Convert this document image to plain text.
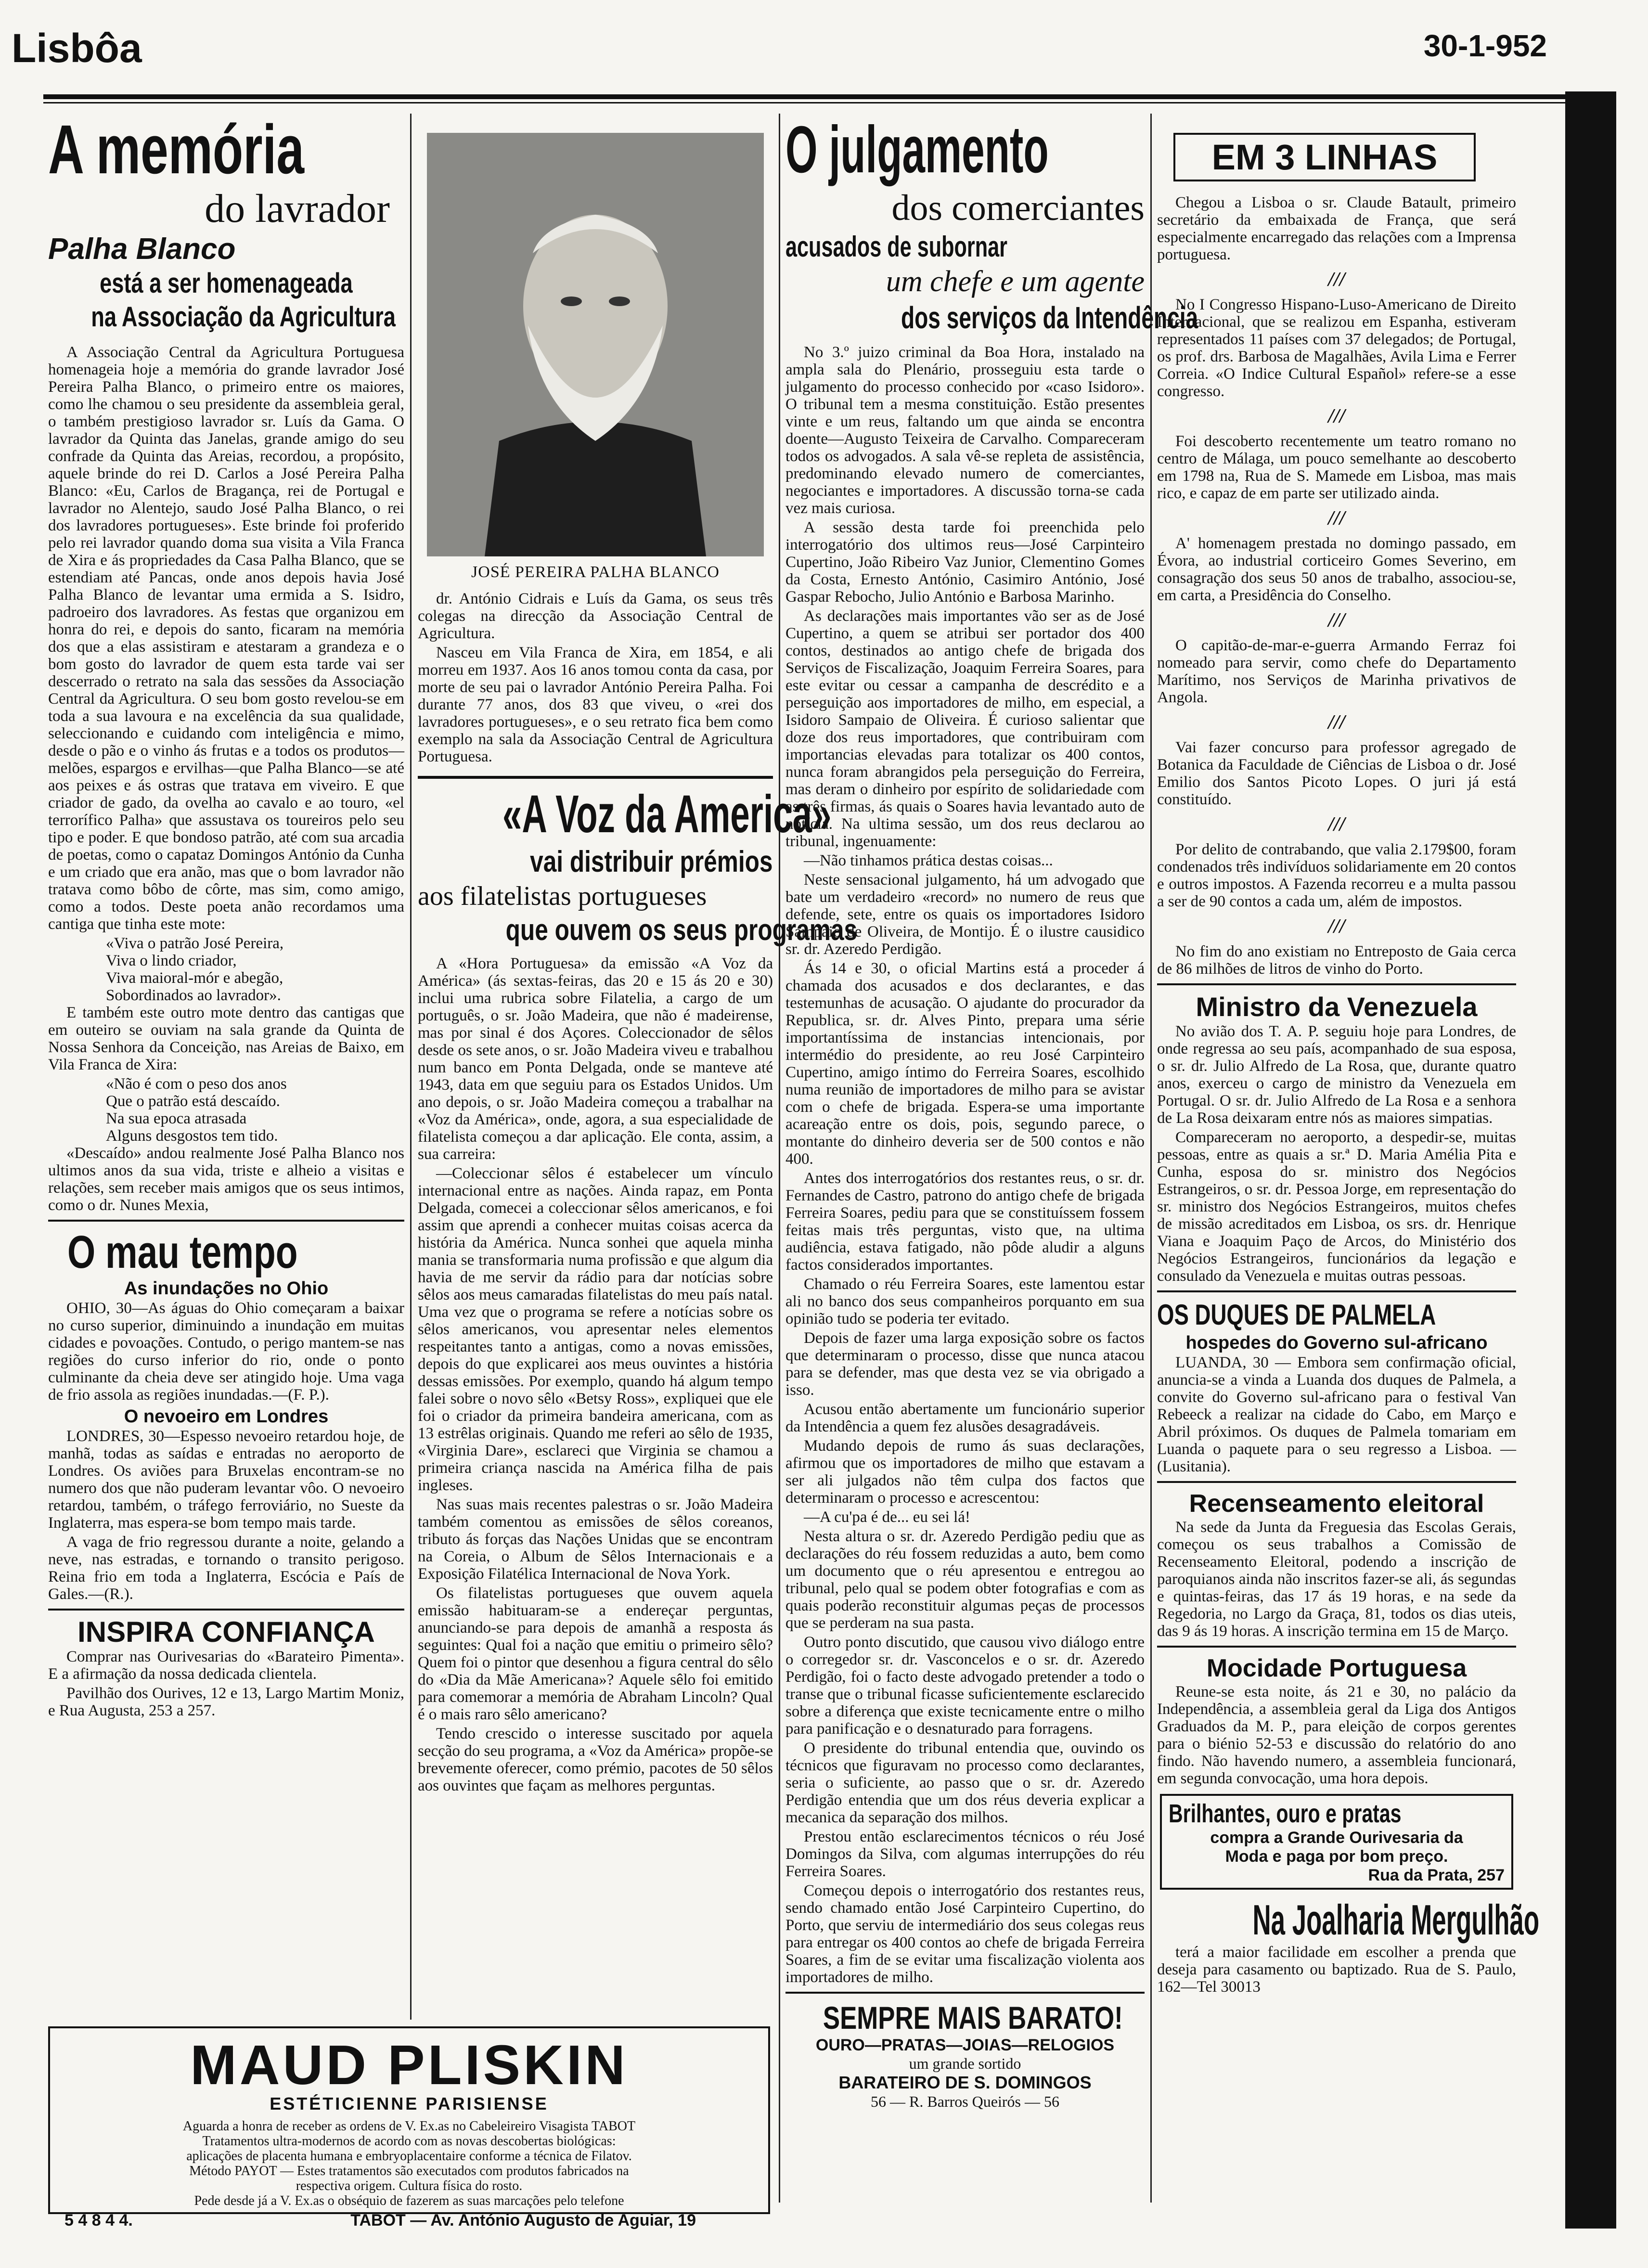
Lisbôa	30-1-952
A memória
do lavrador
Palha Blanco
está a ser homenageada
na Associação da Agricultura

A Associação Central da Agricultura Portuguesa homenageia hoje a memória do grande lavrador José Pereira Palha Blanco, o primeiro entre os maiores, como lhe chamou o seu presidente da assembleia geral, o também prestigioso lavrador sr. Luís da Gama. O lavrador da Quinta das Janelas, grande amigo do seu confrade da Quinta das Areias, recordou, a propósito, aquele brinde do rei D. Carlos a José Pereira Palha Blanco: «Eu, Carlos de Bragança, rei de Portugal e lavrador no Alentejo, saudo José Palha Blanco, o rei dos lavradores portugueses». Este brinde foi proferido pelo rei lavrador quando doma sua visita a Vila Franca de Xira e ás propriedades da Casa Palha Blanco, que se estendiam até Pancas, onde anos depois havia José Palha Blanco de levantar uma ermida a S. Isidro, padroeiro dos lavradores. As festas que organizou em honra do rei, e depois do santo, ficaram na memória dos que a elas assistiram e atestaram a grandeza e o bom gosto do lavrador de quem esta tarde vai ser descerrado o retrato na sala das sessões da Associação Central da Agricultura. O seu bom gosto revelou-se em toda a sua lavoura e na excelência da sua qualidade, seleccionando e cuidando com inteligência e mimo, desde o pão e o vinho ás frutas e a todos os produtos—melões, espargos e ervilhas—que Palha Blanco—se até aos peixes e ás ostras que tratava em viveiro. E que criador de gado, da ovelha ao cavalo e ao touro, «el terrorífico Palha» que assustava os toureiros pelo seu tipo e poder. E que bondoso patrão, até com sua arcadia de poetas, como o capataz Domingos António da Cunha e um criado que era anão, mas que o bom lavrador não tratava como bôbo de côrte, mas sim, como amigo, como a todos. Deste poeta anão recordamos uma cantiga que tinha este mote:

«Viva o patrão José Pereira,
Viva o lindo criador,
Viva maioral-mór e abegão,
Sobordinados ao lavrador».

E também este outro mote dentro das cantigas que em outeiro se ouviam na sala grande da Quinta de Nossa Senhora da Conceição, nas Areias de Baixo, em Vila Franca de Xira:

«Não é com o peso dos anos
Que o patrão está descaído.
Na sua epoca atrasada
Alguns desgostos tem tido.

«Descaído» andou realmente José Palha Blanco nos ultimos anos da sua vida, triste e alheio a visitas e relações, sem receber mais amigos que os seus intimos, como o dr. Nunes Mexia,

O mau tempo
As inundações no Ohio

OHIO, 30—As águas do Ohio começaram a baixar no curso superior, diminuindo a inundação em muitas cidades e povoações. Contudo, o perigo mantem-se nas regiões do curso inferior do rio, onde o ponto culminante da cheia deve ser atingido hoje. Uma vaga de frio assola as regiões inundadas.—(F. P.).

O nevoeiro em Londres

LONDRES, 30—Espesso nevoeiro retardou hoje, de manhã, todas as saídas e entradas no aeroporto de Londres. Os aviões para Bruxelas encontram-se no numero dos que não puderam levantar vôo. O nevoeiro retardou, também, o tráfego ferroviário, no Sueste da Inglaterra, mas espera-se bom tempo mais tarde.

A vaga de frio regressou durante a noite, gelando a neve, nas estradas, e tornando o transito perigoso. Reina frio em toda a Inglaterra, Escócia e País de Gales.—(R.).

INSPIRA CONFIANÇA

Comprar nas Ourivesarias do «Barateiro Pimenta». E a afirmação da nossa dedicada clientela.

Pavilhão dos Ourives, 12 e 13, Largo Martim Moniz, e Rua Augusta, 253 a 257.

JOSÉ PEREIRA PALHA BLANCO

dr. António Cidrais e Luís da Gama, os seus três colegas na direcção da Associação Central de Agricultura.

Nasceu em Vila Franca de Xira, em 1854, e ali morreu em 1937. Aos 16 anos tomou conta da casa, por morte de seu pai o lavrador António Pereira Palha. Foi durante 77 anos, dos 83 que viveu, o «rei dos lavradores portugueses», e o seu retrato fica bem como exemplo na sala da Associação Central de Agricultura Portuguesa.

«A Voz da America»
vai distribuir prémios
aos filatelistas portugueses
que ouvem os seus programas

A «Hora Portuguesa» da emissão «A Voz da América» (ás sextas-feiras, das 20 e 15 ás 20 e 30) inclui uma rubrica sobre Filatelia, a cargo de um português, o sr. João Madeira, que não é madeirense, mas por sinal é dos Açores. Coleccionador de sêlos desde os sete anos, o sr. João Madeira viveu e trabalhou num banco em Ponta Delgada, onde se manteve até 1943, data em que seguiu para os Estados Unidos. Um ano depois, o sr. João Madeira começou a trabalhar na «Voz da América», onde, agora, a sua especialidade de filatelista começou a dar aplicação. Ele conta, assim, a sua carreira:

—Coleccionar sêlos é estabelecer um vínculo internacional entre as nações. Ainda rapaz, em Ponta Delgada, comecei a coleccionar sêlos americanos, e foi assim que aprendi a conhecer muitas coisas acerca da história da América. Nunca sonhei que aquela minha mania se transformaria numa profissão e que algum dia havia de me servir da rádio para dar notícias sobre sêlos aos meus camaradas filatelistas do meu país natal. Uma vez que o programa se refere a notícias sobre os sêlos americanos, vou apresentar neles elementos respeitantes tanto a antigas, como a novas emissões, depois do que explicarei aos meus ouvintes a história dessas emissões. Por exemplo, quando há algum tempo falei sobre o novo sêlo «Betsy Ross», expliquei que ele foi o criador da primeira bandeira americana, com as 13 estrêlas originais. Quando me referi ao sêlo de 1935, «Virginia Dare», esclareci que Virginia se chamou a primeira criança nascida na América filha de pais ingleses.

Nas suas mais recentes palestras o sr. João Madeira também comentou as emissões de sêlos coreanos, tributo ás forças das Nações Unidas que se encontram na Coreia, o Album de Sêlos Internacionais e a Exposição Filatélica Internacional de Nova York.

Os filatelistas portugueses que ouvem aquela emissão habituaram-se a endereçar perguntas, anunciando-se para depois de amanhã a resposta ás seguintes: Qual foi a nação que emitiu o primeiro sêlo? Quem foi o pintor que desenhou a figura central do sêlo do «Dia da Mãe Americana»? Aquele sêlo foi emitido para comemorar a memória de Abraham Lincoln? Qual é o mais raro sêlo americano?

Tendo crescido o interesse suscitado por aquela secção do seu programa, a «Voz da América» propõe-se brevemente oferecer, como prémio, pacotes de 50 sêlos aos ouvintes que façam as melhores perguntas.

MAUD PLISKIN
ESTÉTICIENNE PARISIENSE
Aguarda a honra de receber as ordens de V. Ex.as no Cabeleireiro Visagista TABOT
Tratamentos ultra-modernos de acordo com as novas descobertas biológicas:
aplicações de placenta humana e embryoplacentaire conforme a técnica de Filatov.
Método PAYOT — Estes tratamentos são executados com produtos fabricados na
respectiva origem. Cultura física do rosto.
Pede desde já a V. Ex.as o obséquio de fazerem as suas marcações pelo telefone
5 4 8 4 4.	TABOT — Av. António Augusto de Aguiar, 19
O julgamento
dos comerciantes
acusados de subornar
um chefe e um agente
dos serviços da Intendência

No 3.º juizo criminal da Boa Hora, instalado na ampla sala do Plenário, prosseguiu esta tarde o julgamento do processo conhecido por «caso Isidoro». O tribunal tem a mesma constituição. Estão presentes vinte e um reus, faltando um que ainda se encontra doente—Augusto Teixeira de Carvalho. Compareceram todos os advogados. A sala vê-se repleta de assistência, predominando elevado numero de comerciantes, negociantes e importadores. A discussão torna-se cada vez mais curiosa.

A sessão desta tarde foi preenchida pelo interrogatório dos ultimos reus—José Carpinteiro Cupertino, João Ribeiro Vaz Junior, Clementino Gomes da Costa, Ernesto António, Casimiro António, José Gaspar Rebocho, Julio António e Barbosa Marinho.

As declarações mais importantes vão ser as de José Cupertino, a quem se atribui ser portador dos 400 contos, destinados ao antigo chefe de brigada dos Serviços de Fiscalização, Joaquim Ferreira Soares, para este evitar ou cessar a campanha de descrédito e a perseguição aos importadores de milho, em especial, a Isidoro Sampaio de Oliveira. É curioso salientar que doze dos reus importadores, que contribuiram com importancias elevadas para totalizar os 400 contos, nunca foram abrangidos pela perseguição do Ferreira, mas deram o dinheiro por espírito de solidariedade com as três firmas, ás quais o Soares havia levantado auto de notícia. Na ultima sessão, um dos reus declarou ao tribunal, ingenuamente:

—Não tinhamos prática destas coisas...

Neste sensacional julgamento, há um advogado que bate um verdadeiro «record» no numero de reus que defende, sete, entre os quais os importadores Isidoro Sampaio de Oliveira, de Montijo. É o ilustre causidico sr. dr. Azeredo Perdigão.

Ás 14 e 30, o oficial Martins está a proceder á chamada dos acusados e dos declarantes, e das testemunhas de acusação. O ajudante do procurador da Republica, sr. dr. Alves Pinto, prepara uma série importantíssima de instancias intencionais, por intermédio do presidente, ao reu José Carpinteiro Cupertino, amigo íntimo do Ferreira Soares, escolhido numa reunião de importadores de milho para se avistar com o chefe de brigada. Espera-se uma importante acareação entre os dois, pois, segundo parece, o montante do dinheiro deveria ser de 500 contos e não 400.

Antes dos interrogatórios dos restantes reus, o sr. dr. Fernandes de Castro, patrono do antigo chefe de brigada Ferreira Soares, pediu para que se constituíssem fossem feitas mais três perguntas, visto que, na ultima audiência, estava fatigado, não pôde aludir a alguns factos considerados importantes.

Chamado o réu Ferreira Soares, este lamentou estar ali no banco dos seus companheiros porquanto em sua opinião tudo se poderia ter evitado.

Depois de fazer uma larga exposição sobre os factos que determinaram o processo, disse que nunca atacou para se defender, mas que desta vez se via obrigado a isso.

Acusou então abertamente um funcionário superior da Intendência a quem fez alusões desagradáveis.

Mudando depois de rumo ás suas declarações, afirmou que os importadores de milho que estavam a ser ali julgados não têm culpa dos factos que determinaram o processo e acrescentou:

—A cu'pa é de... eu sei lá!

Nesta altura o sr. dr. Azeredo Perdigão pediu que as declarações do réu fossem reduzidas a auto, bem como um documento que o réu apresentou e entregou ao tribunal, pelo qual se podem obter fotografias e com as quais poderão reconstituir algumas peças de processos que se perderam na sua pasta.

Outro ponto discutido, que causou vivo diálogo entre o corregedor sr. dr. Vasconcelos e o sr. dr. Azeredo Perdigão, foi o facto deste advogado pretender a todo o transe que o tribunal ficasse suficientemente esclarecido sobre a diferença que existe tecnicamente entre o milho para panificação e o desnaturado para forragens.

O presidente do tribunal entendia que, ouvindo os técnicos que figuravam no processo como declarantes, seria o suficiente, ao passo que o sr. dr. Azeredo Perdigão entendia que um dos réus deveria explicar a mecanica da separação dos milhos.

Prestou então esclarecimentos técnicos o réu José Domingos da Silva, com algumas interrupções do réu Ferreira Soares.

Começou depois o interrogatório dos restantes reus, sendo chamado então José Carpinteiro Cupertino, do Porto, que serviu de intermediário dos seus colegas reus para entregar os 400 contos ao chefe de brigada Ferreira Soares, a fim de se evitar uma fiscalização violenta aos importadores de milho.

SEMPRE MAIS BARATO!
OURO—PRATAS—JOIAS—RELOGIOS
um grande sortido
BARATEIRO DE S. DOMINGOS
56 — R. Barros Queirós — 56
EM 3 LINHAS

Chegou a Lisboa o sr. Claude Batault, primeiro secretário da embaixada de França, que será especialmente encarregado das relações com a Imprensa portuguesa.

///

No I Congresso Hispano-Luso-Americano de Direito Internacional, que se realizou em Espanha, estiveram representados 11 países com 37 delegados; de Portugal, os prof. drs. Barbosa de Magalhães, Avila Lima e Ferrer Correia. «O Indice Cultural Español» refere-se a esse congresso.

///

Foi descoberto recentemente um teatro romano no centro de Málaga, um pouco semelhante ao descoberto em 1798 na, Rua de S. Mamede em Lisboa, mas mais rico, e capaz de em parte ser utilizado ainda.

///

A' homenagem prestada no domingo passado, em Évora, ao industrial corticeiro Gomes Severino, em consagração dos seus 50 anos de trabalho, associou-se, em carta, a Presidência do Conselho.

///

O capitão-de-mar-e-guerra Armando Ferraz foi nomeado para servir, como chefe do Departamento Marítimo, nos Serviços de Marinha privativos de Angola.

///

Vai fazer concurso para professor agregado de Botanica da Faculdade de Ciências de Lisboa o dr. José Emilio dos Santos Picoto Lopes. O juri já está constituído.

///

Por delito de contrabando, que valia 2.179$00, foram condenados três indivíduos solidariamente em 20 contos e outros impostos. A Fazenda recorreu e a multa passou a ser de 90 contos a cada um, além de impostos.

///

No fim do ano existiam no Entreposto de Gaia cerca de 86 milhões de litros de vinho do Porto.

Ministro da Venezuela

No avião dos T. A. P. seguiu hoje para Londres, de onde regressa ao seu país, acompanhado de sua esposa, o sr. dr. Julio Alfredo de La Rosa, que, durante quatro anos, exerceu o cargo de ministro da Venezuela em Portugal. O sr. dr. Julio Alfredo de La Rosa e a senhora de La Rosa deixaram entre nós as maiores simpatias.

Compareceram no aeroporto, a despedir-se, muitas pessoas, entre as quais a sr.ª D. Maria Amélia Pita e Cunha, esposa do sr. ministro dos Negócios Estrangeiros, o sr. dr. Pessoa Jorge, em representação do sr. ministro dos Negócios Estrangeiros, muitos chefes de missão acreditados em Lisboa, os srs. dr. Henrique Viana e Joaquim Paço de Arcos, do Ministério dos Negócios Estrangeiros, funcionários da legação e consulado da Venezuela e muitas outras pessoas.

OS DUQUES DE PALMELA
hospedes do Governo sul-africano

LUANDA, 30 — Embora sem confirmação oficial, anuncia-se a vinda a Luanda dos duques de Palmela, a convite do Governo sul-africano para o festival Van Rebeeck a realizar na cidade do Cabo, em Março e Abril próximos. Os duques de Palmela tomariam em Luanda o paquete para o seu regresso a Lisboa. —(Lusitania).

Recenseamento eleitoral

Na sede da Junta da Freguesia das Escolas Gerais, começou os seus trabalhos a Comissão de Recenseamento Eleitoral, podendo a inscrição de paroquianos ainda não inscritos fazer-se ali, ás segundas e quintas-feiras, das 17 ás 19 horas, e na sede da Regedoria, no Largo da Graça, 81, todos os dias uteis, das 9 ás 19 horas. A inscrição termina em 15 de Março.

Mocidade Portuguesa

Reune-se esta noite, ás 21 e 30, no palácio da Independência, a assembleia geral da Liga dos Antigos Graduados da M. P., para eleição de corpos gerentes para o biénio 52-53 e discussão do relatório do ano findo. Não havendo numero, a assembleia funcionará, em segunda convocação, uma hora depois.

Brilhantes, ouro e pratas
compra a Grande Ourivesaria da
Moda e paga por bom preço.
Rua da Prata, 257
Na Joalharia Mergulhão

terá a maior facilidade em escolher a prenda que deseja para casamento ou baptizado. Rua de S. Paulo, 162—Tel 30013
